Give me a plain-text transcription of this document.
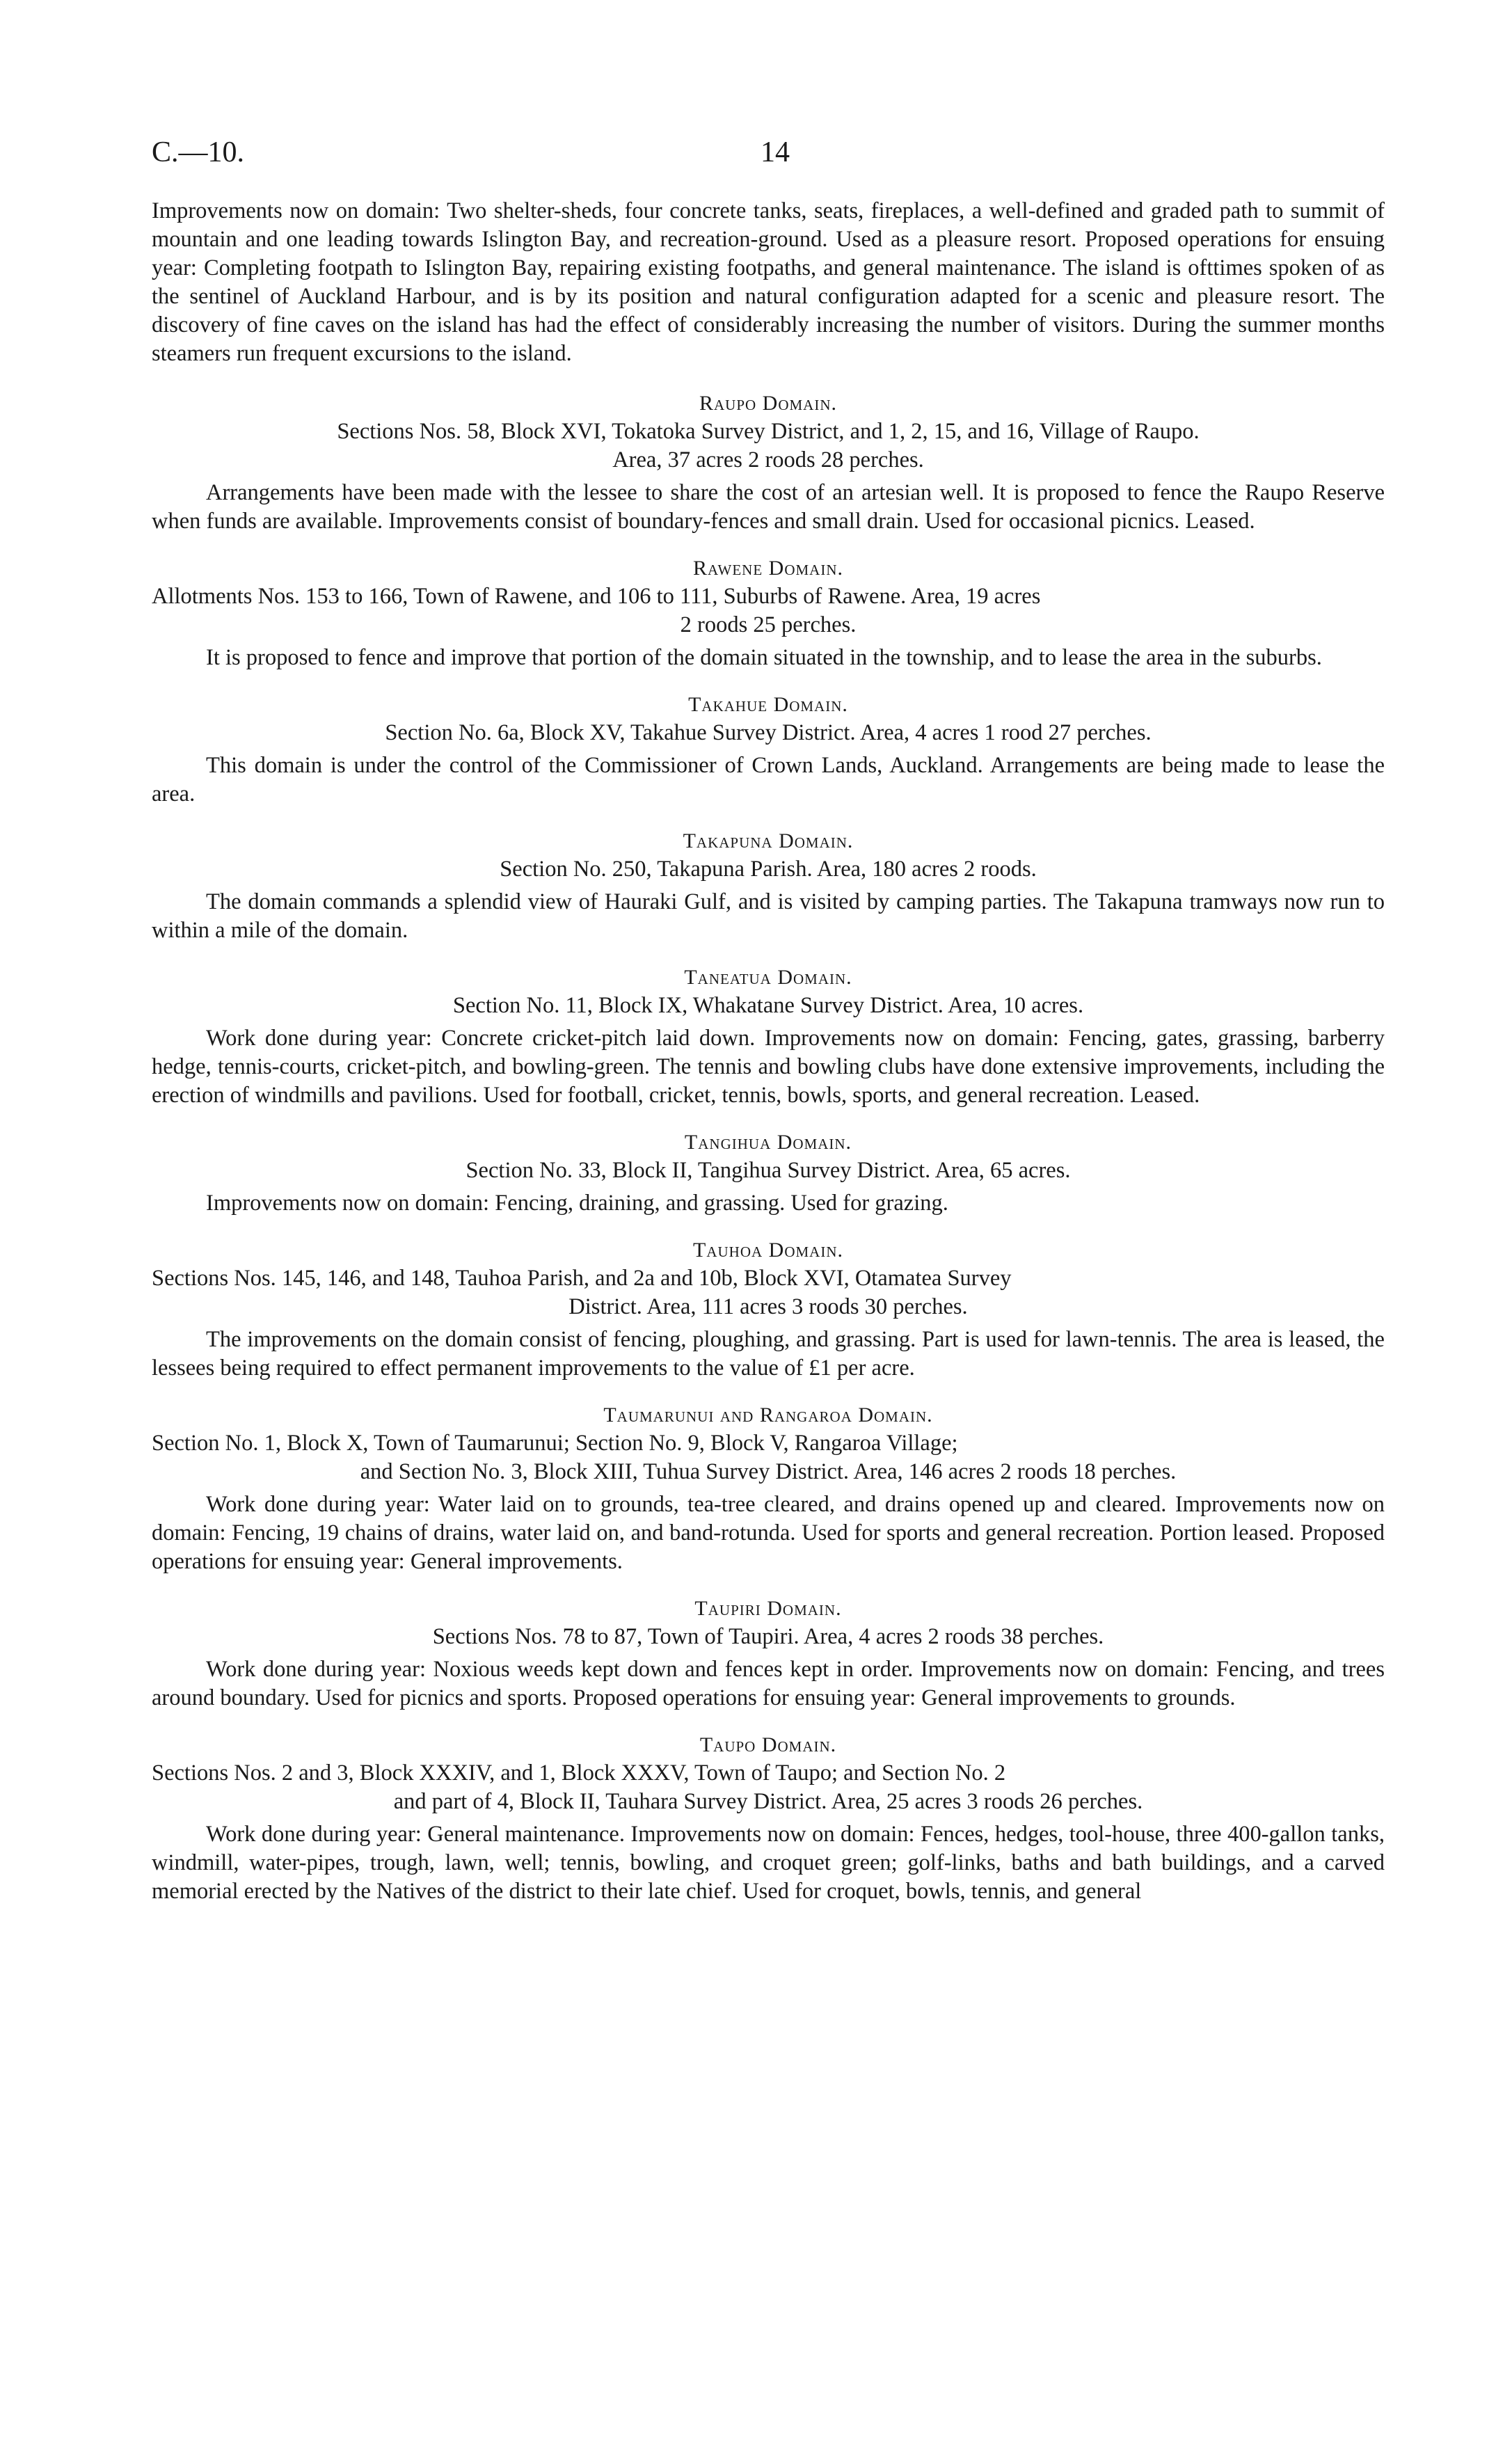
C.—10.	14

Improvements now on domain: Two shelter-sheds, four concrete tanks, seats, fireplaces, a well-defined and graded path to summit of mountain and one leading towards Islington Bay, and recreation-ground. Used as a pleasure resort. Proposed operations for ensuing year: Completing footpath to Islington Bay, repairing existing footpaths, and general maintenance. The island is ofttimes spoken of as the sentinel of Auckland Harbour, and is by its position and natural configuration adapted for a scenic and pleasure resort. The discovery of fine caves on the island has had the effect of considerably increasing the number of visitors. During the summer months steamers run frequent excursions to the island.

Raupo Domain.

Sections Nos. 58, Block XVI, Tokatoka Survey District, and 1, 2, 15, and 16, Village of Raupo.

Area, 37 acres 2 roods 28 perches.

Arrangements have been made with the lessee to share the cost of an artesian well. It is proposed to fence the Raupo Reserve when funds are available. Improvements consist of boundary-fences and small drain. Used for occasional picnics. Leased.

Rawene Domain.

Allotments Nos. 153 to 166, Town of Rawene, and 106 to 111, Suburbs of Rawene. Area, 19 acres

2 roods 25 perches.

It is proposed to fence and improve that portion of the domain situated in the township, and to lease the area in the suburbs.

Takahue Domain.

Section No. 6a, Block XV, Takahue Survey District. Area, 4 acres 1 rood 27 perches.

This domain is under the control of the Commissioner of Crown Lands, Auckland. Arrangements are being made to lease the area.

Takapuna Domain.

Section No. 250, Takapuna Parish. Area, 180 acres 2 roods.

The domain commands a splendid view of Hauraki Gulf, and is visited by camping parties. The Takapuna tramways now run to within a mile of the domain.

Taneatua Domain.

Section No. 11, Block IX, Whakatane Survey District. Area, 10 acres.

Work done during year: Concrete cricket-pitch laid down. Improvements now on domain: Fencing, gates, grassing, barberry hedge, tennis-courts, cricket-pitch, and bowling-green. The tennis and bowling clubs have done extensive improvements, including the erection of windmills and pavilions. Used for football, cricket, tennis, bowls, sports, and general recreation. Leased.

Tangihua Domain.

Section No. 33, Block II, Tangihua Survey District. Area, 65 acres.

Improvements now on domain: Fencing, draining, and grassing. Used for grazing.

Tauhoa Domain.

Sections Nos. 145, 146, and 148, Tauhoa Parish, and 2a and 10b, Block XVI, Otamatea Survey

District. Area, 111 acres 3 roods 30 perches.

The improvements on the domain consist of fencing, ploughing, and grassing. Part is used for lawn-tennis. The area is leased, the lessees being required to effect permanent improvements to the value of £1 per acre.

Taumarunui and Rangaroa Domain.

Section No. 1, Block X, Town of Taumarunui; Section No. 9, Block V, Rangaroa Village;

and Section No. 3, Block XIII, Tuhua Survey District. Area, 146 acres 2 roods 18 perches.

Work done during year: Water laid on to grounds, tea-tree cleared, and drains opened up and cleared. Improvements now on domain: Fencing, 19 chains of drains, water laid on, and band-rotunda. Used for sports and general recreation. Portion leased. Proposed operations for ensuing year: General improvements.

Taupiri Domain.

Sections Nos. 78 to 87, Town of Taupiri. Area, 4 acres 2 roods 38 perches.

Work done during year: Noxious weeds kept down and fences kept in order. Improvements now on domain: Fencing, and trees around boundary. Used for picnics and sports. Proposed operations for ensuing year: General improvements to grounds.

Taupo Domain.

Sections Nos. 2 and 3, Block XXXIV, and 1, Block XXXV, Town of Taupo; and Section No. 2

and part of 4, Block II, Tauhara Survey District. Area, 25 acres 3 roods 26 perches.

Work done during year: General maintenance. Improvements now on domain: Fences, hedges, tool-house, three 400-gallon tanks, windmill, water-pipes, trough, lawn, well; tennis, bowling, and croquet green; golf-links, baths and bath buildings, and a carved memorial erected by the Natives of the district to their late chief. Used for croquet, bowls, tennis, and general
